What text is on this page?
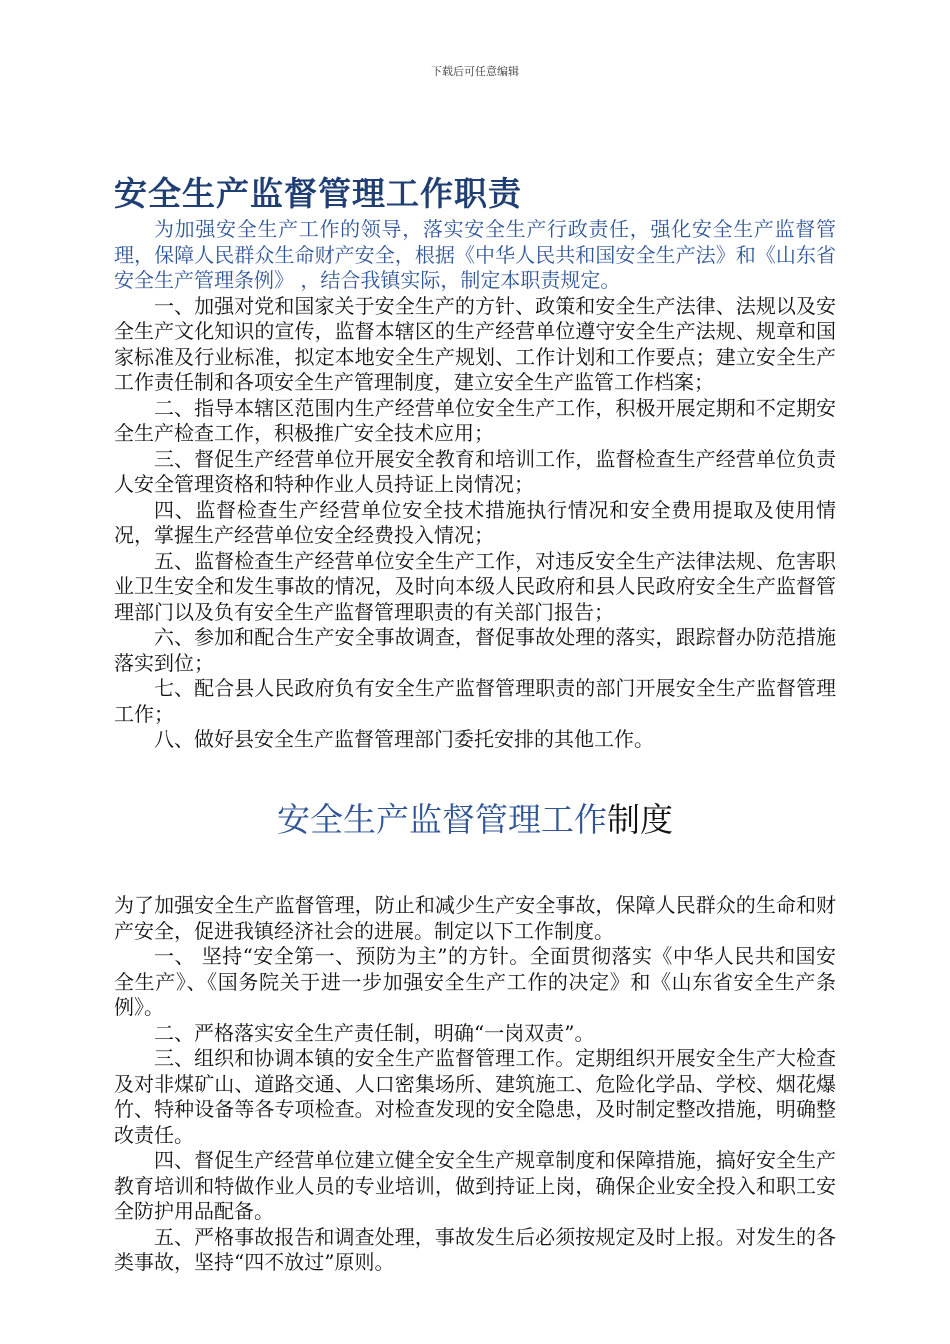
下载后可任意编辑
安全生产监督管理工作职责

为加强安全生产工作的领导，落实安全生产行政责任，强化安全生产监督管理，保障人民群众生命财产安全，根据《中华人民共和国安全生产法》和《山东省安全生产管理条例》 ，结合我镇实际，制定本职责规定。

一、加强对党和国家关于安全生产的方针、政策和安全生产法律、法规以及安全生产文化知识的宣传，监督本辖区的生产经营单位遵守安全生产法规、规章和国家标准及行业标准，拟定本地安全生产规划、工作计划和工作要点；建立安全生产工作责任制和各项安全生产管理制度，建立安全生产监管工作档案；

二、指导本辖区范围内生产经营单位安全生产工作，积极开展定期和不定期安全生产检查工作，积极推广安全技术应用；

三、督促生产经营单位开展安全教育和培训工作，监督检查生产经营单位负责人安全管理资格和特种作业人员持证上岗情况；

四、监督检查生产经营单位安全技术措施执行情况和安全费用提取及使用情况，掌握生产经营单位安全经费投入情况；

五、监督检查生产经营单位安全生产工作，对违反安全生产法律法规、危害职业卫生安全和发生事故的情况，及时向本级人民政府和县人民政府安全生产监督管理部门以及负有安全生产监督管理职责的有关部门报告；

六、参加和配合生产安全事故调查，督促事故处理的落实，跟踪督办防范措施落实到位；

七、配合县人民政府负有安全生产监督管理职责的部门开展安全生产监督管理工作；

八、做好县安全生产监督管理部门委托安排的其他工作。

安全生产监督管理工作制度

为了加强安全生产监督管理，防止和减少生产安全事故，保障人民群众的生命和财产安全，促进我镇经济社会的进展。制定以下工作制度。

一、 坚持“安全第一、预防为主”的方针。全面贯彻落实《中华人民共和国安全生产》、《国务院关于进一步加强安全生产工作的决定》和《山东省安全生产条例》。

二、严格落实安全生产责任制，明确“一岗双责”。

三、组织和协调本镇的安全生产监督管理工作。定期组织开展安全生产大检查及对非煤矿山、道路交通、人口密集场所、建筑施工、危险化学品、学校、烟花爆竹、特种设备等各专项检查。对检查发现的安全隐患，及时制定整改措施，明确整改责任。

四、督促生产经营单位建立健全安全生产规章制度和保障措施，搞好安全生产教育培训和特做作业人员的专业培训，做到持证上岗，确保企业安全投入和职工安全防护用品配备。

五、严格事故报告和调查处理，事故发生后必须按规定及时上报。对发生的各类事故，坚持“四不放过”原则。
